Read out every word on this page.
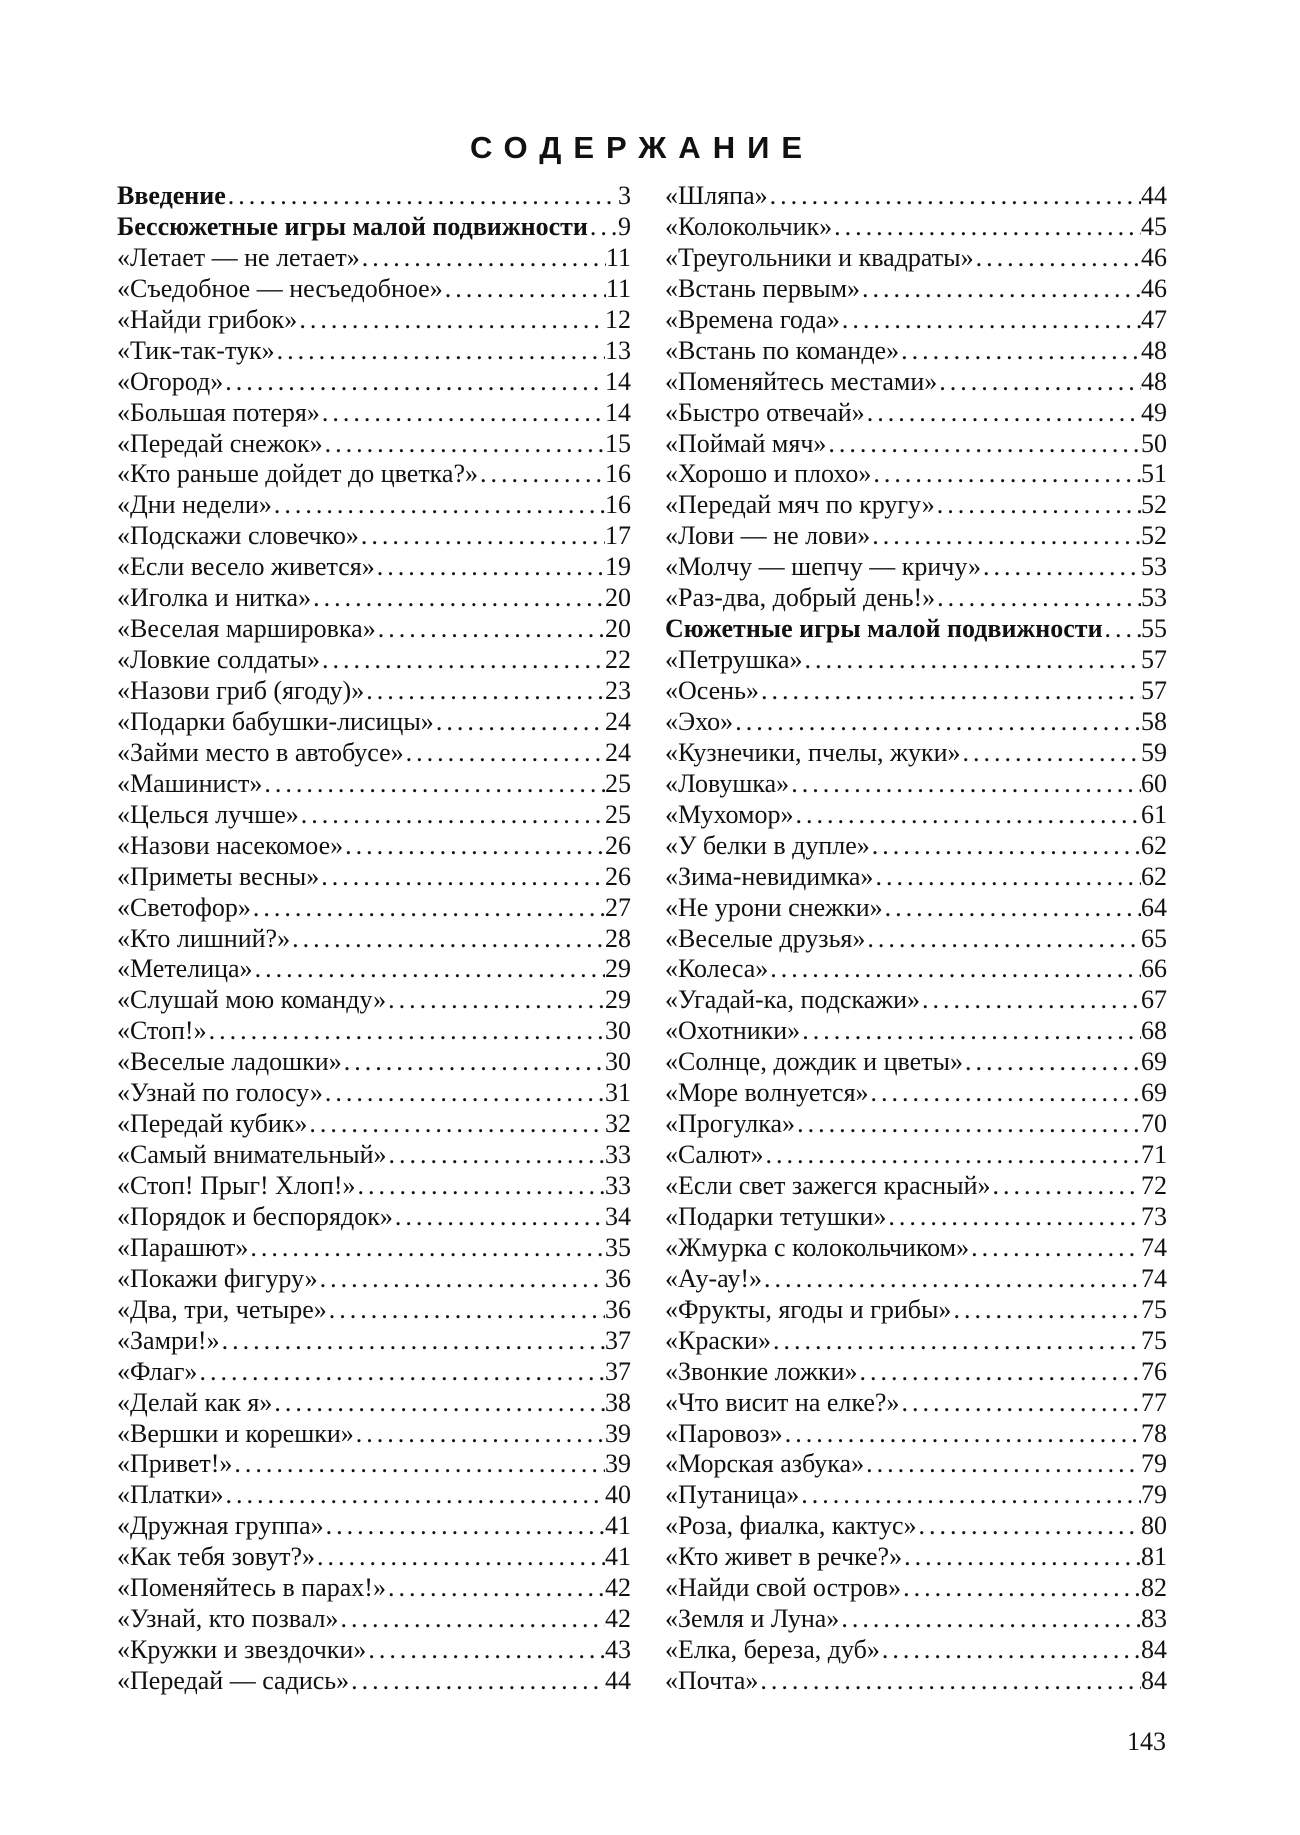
СОДЕРЖАНИЕ
Введение .....	3
Бессюжетные игры малой подвижности ..... 9
«Летает — не летает» .....	11
«Съедобное — несъедобное» .....	11
«Найди грибок» .....	12
«Тик-так-тук» .....	13
«Огород» .....	14
«Большая потеря» .....	14
«Передай снежок» .....	15
«Кто раньше дойдет до цветка?» .....	16
«Дни недели» .....	16
«Подскажи словечко» .....	17
«Если весело живется» .....	19
«Иголка и нитка» .....	20
«Веселая маршировка» .....	20
«Ловкие солдаты» .....	22
«Назови гриб (ягоду)» .....	23
«Подарки бабушки-лисицы» .....	24
«Займи место в автобусе» .....	24
«Машинист» .....	25
«Целься лучше» .....	25
«Назови насекомое» .....	26
«Приметы весны» .....	26
«Светофор» .....	27
«Кто лишний?» .....	28
«Метелица» .....	29
«Слушай мою команду» .....	29
«Стоп!» .....	30
«Веселые ладошки» .....	30
«Узнай по голосу» .....	31
«Передай кубик» .....	32
«Самый внимательный» .....	33
«Стоп! Прыг! Хлоп!» .....	33
«Порядок и беспорядок» .....	34
«Парашют» .....	35
«Покажи фигуру» .....	36
«Два, три, четыре» .....	36
«Замри!» .....	37
«Флаг» .....	37
«Делай как я» .....	38
«Вершки и корешки» .....	39
«Привет!» .....	39
«Платки» .....	40
«Дружная группа» .....	41
«Как тебя зовут?» .....	41
«Поменяйтесь в парах!» .....	42
«Узнай, кто позвал» .....	42
«Кружки и звездочки» .....	43
«Передай — садись» .....	44
«Шляпа» .....	44
«Колокольчик» .....	45
«Треугольники и квадраты» .....	46
«Встань первым» .....	46
«Времена года» .....	47
«Встань по команде» .....	48
«Поменяйтесь местами» .....	48
«Быстро отвечай» .....	49
«Поймай мяч» .....	50
«Хорошо и плохо» .....	51
«Передай мяч по кругу» .....	52
«Лови — не лови» .....	52
«Молчу — шепчу — кричу» .....	53
«Раз-два, добрый день!» .....	53
Сюжетные игры малой подвижности ..... 55
«Петрушка» .....	57
«Осень» .....	57
«Эхо» .....	58
«Кузнечики, пчелы, жуки» .....	59
«Ловушка» .....	60
«Мухомор» .....	61
«У белки в дупле» .....	62
«Зима-невидимка» .....	62
«Не урони снежки» .....	64
«Веселые друзья» .....	65
«Колеса» .....	66
«Угадай-ка, подскажи» .....	67
«Охотники» .....	68
«Солнце, дождик и цветы» .....	69
«Море волнуется» .....	69
«Прогулка» .....	70
«Салют» .....	71
«Если свет зажегся красный» .....	72
«Подарки тетушки» .....	73
«Жмурка с колокольчиком» .....	74
«Ау-ау!» .....	74
«Фрукты, ягоды и грибы» .....	75
«Краски» .....	75
«Звонкие ложки» .....	76
«Что висит на елке?» .....	77
«Паровоз» .....	78
«Морская азбука» .....	79
«Путаница» .....	79
«Роза, фиалка, кактус» .....	80
«Кто живет в речке?» .....	81
«Найди свой остров» .....	82
«Земля и Луна» .....	83
«Елка, береза, дуб» .....	84
«Почта» .....	84
143
